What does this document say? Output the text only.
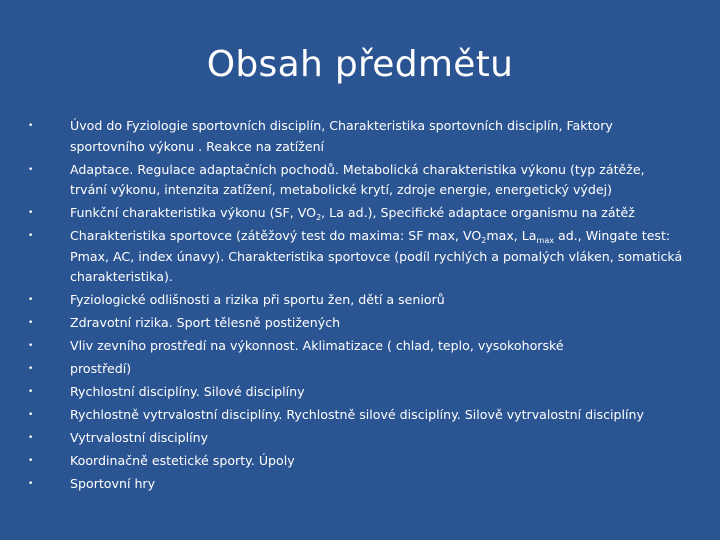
Obsah předmětu
•	Úvod do Fyziologie sportovních disciplín, Charakteristika sportovních disciplín, Faktory sportovního výkonu . Reakce na zatížení
•	Adaptace. Regulace adaptačních pochodů. Metabolická charakteristika výkonu (typ zátěže, trvání výkonu, intenzita zatížení, metabolické krytí, zdroje energie, energetický výdej)
•	Funkční charakteristika výkonu (SF, $VO_2$, La ad.), Specifické adaptace organismu na zátěž
•	Charakteristika sportovce (zátěžový test do maxima: SF max, $VO_2\max$, $La_{max}$ ad., Wingate test: Pmax, AC, index únavy). Charakteristika sportovce (podíl rychlých a pomalých vláken, somatická charakteristika).
•	Fyziologické odlišnosti a rizika při sportu žen, dětí a seniorů
•	Zdravotní rizika. Sport tělesně postižených
•	Vliv zevního prostředí na výkonnost. Aklimatizace ( chlad, teplo, vysokohorské
•	prostředí)
•	Rychlostní disciplíny. Silové disciplíny
•	Rychlostně vytrvalostní disciplíny. Rychlostně silové disciplíny. Silově vytrvalostní disciplíny
•	Vytrvalostní disciplíny
•	Koordinačně estetické sporty. Úpoly
•	Sportovní hry
